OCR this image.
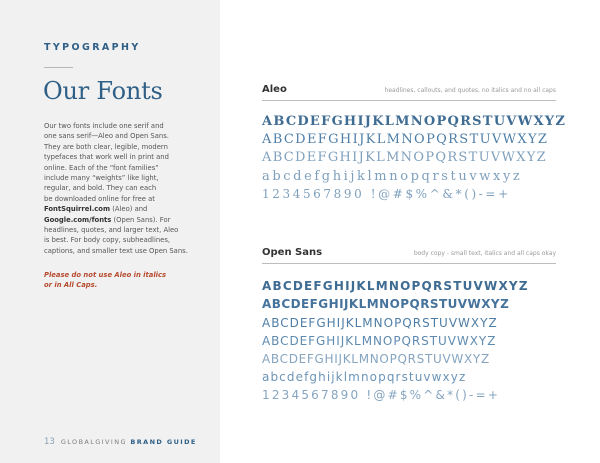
TYPOGRAPHY
Our Fonts
Our two fonts include one serif and
one sans serif—Aleo and Open Sans.
They are both clear, legible, modern
typefaces that work well in print and
online. Each of the “font families”
include many “weights” like light,
regular, and bold. They can each
be downloaded online for free at
FontSquirrel.com (Aleo) and
Google.com/fonts (Open Sans). For
headlines, quotes, and larger text, Aleo
is best. For body copy, subheadlines,
captions, and smaller text use Open Sans.
Please do not use Aleo in italics
or in All Caps.
13 GLOBALGIVING BRAND GUIDE
Aleo	headlines, callouts, and quotes, no italics and no all caps
ABCDEFGHIJKLMNOPQRSTUVWXYZ
ABCDEFGHIJKLMNOPQRSTUVWXYZ
ABCDEFGHIJKLMNOPQRSTUVWXYZ
abcdefghijklmnopqrstuvwxyz
1234567890 !@#$%^&*()-=+
Open Sans	body copy - small text, italics and all caps okay
ABCDEFGHIJKLMNOPQRSTUVWXYZ
ABCDEFGHIJKLMNOPQRSTUVWXYZ
ABCDEFGHIJKLMNOPQRSTUVWXYZ
ABCDEFGHIJKLMNOPQRSTUVWXYZ
ABCDEFGHIJKLMNOPQRSTUVWXYZ
abcdefghijklmnopqrstuvwxyz
1234567890 !@#$%^&*()-=+
